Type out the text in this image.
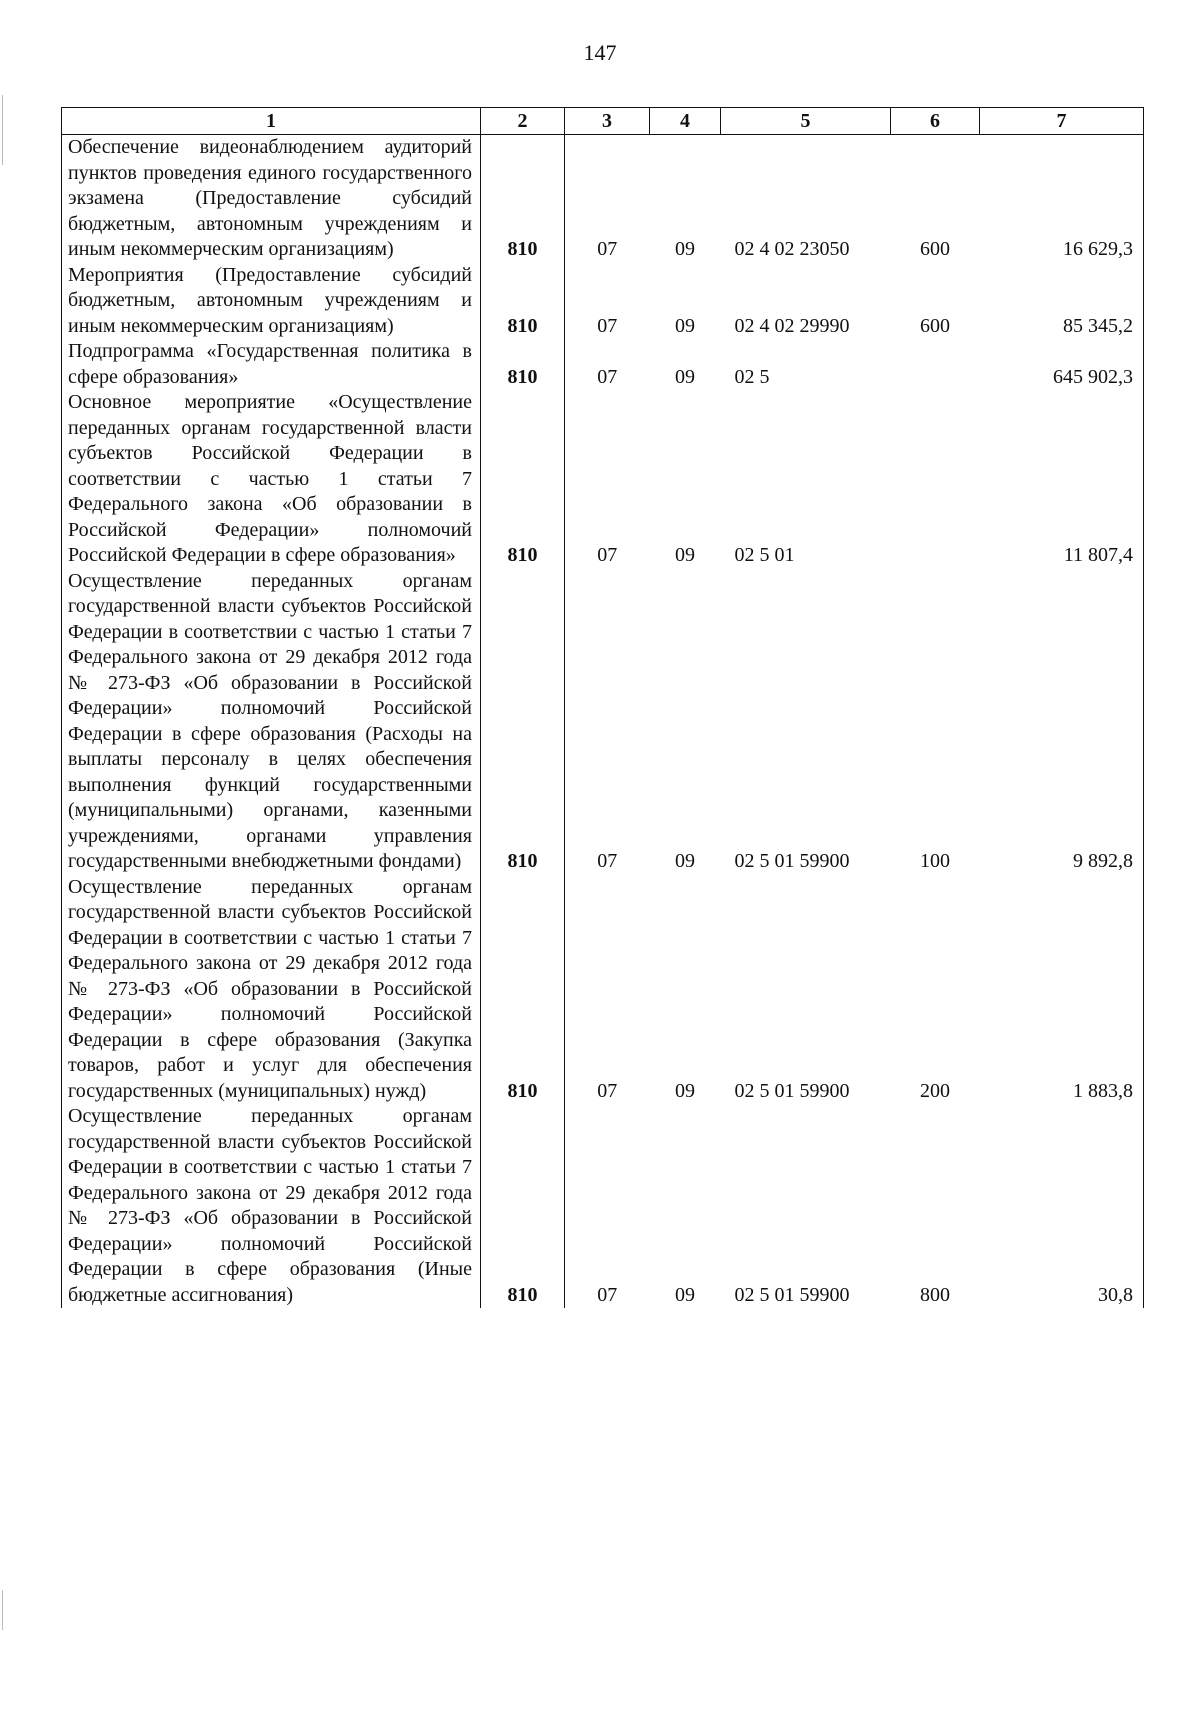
147
1	2	3	4	5	6	7
Обеспечение видеонаблюдением аудиторий пунктов проведения единого государственного экзамена (Предоставление субсидий бюджетным, автономным учреждениям и иным некоммерческим организациям)	810	07	09	02 4 02 23050	600	16 629,3
Мероприятия (Предоставление субсидий бюджетным, автономным учреждениям и иным некоммерческим организациям)	810	07	09	02 4 02 29990	600	85 345,2
Подпрограмма «Государственная политика в сфере образования»	810	07	09	02 5		645 902,3
Основное мероприятие «Осуществление переданных органам государственной власти субъектов Российской Федерации в соответствии с частью 1 статьи 7 Федерального закона «Об образовании в Российской Федерации» полномочий Российской Федерации в сфере образования»	810	07	09	02 5 01		11 807,4
Осуществление переданных органам государственной власти субъектов Российской Федерации в соответствии с частью 1 статьи 7 Федерального закона от 29 декабря 2012 года № 273-ФЗ «Об образовании в Российской Федерации» полномочий Российской Федерации в сфере образования (Расходы на выплаты персоналу в целях обеспечения выполнения функций государственными (муниципальными) органами, казенными учреждениями, органами управления государственными внебюджетными фондами)	810	07	09	02 5 01 59900	100	9 892,8
Осуществление переданных органам государственной власти субъектов Российской Федерации в соответствии с частью 1 статьи 7 Федерального закона от 29 декабря 2012 года № 273-ФЗ «Об образовании в Российской Федерации» полномочий Российской Федерации в сфере образования (Закупка товаров, работ и услуг для обеспечения государственных (муниципальных) нужд)	810	07	09	02 5 01 59900	200	1 883,8
Осуществление переданных органам государственной власти субъектов Российской Федерации в соответствии с частью 1 статьи 7 Федерального закона от 29 декабря 2012 года № 273-ФЗ «Об образовании в Российской Федерации» полномочий Российской Федерации в сфере образования (Иные бюджетные ассигнования)	810	07	09	02 5 01 59900	800	30,8
